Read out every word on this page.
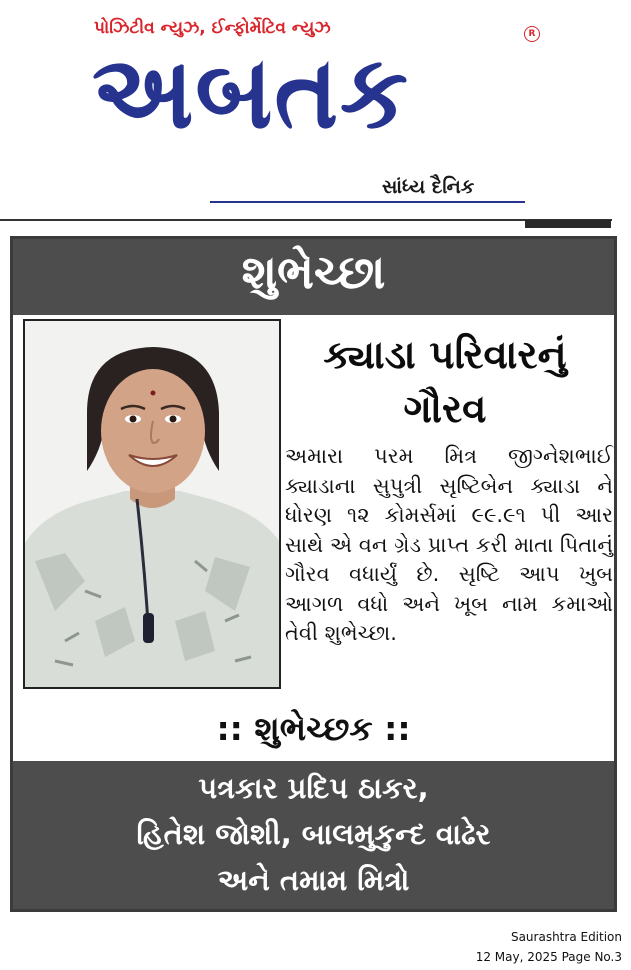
પોઝિટીવ ન્યુઝ, ઈન્ફોર્મેટિવ ન્યુઝ	R
અબતક
સાંધ્ય દૈનિક
શુભેચ્છા
ક્યાડા પરિવારનું
ગૌરવ
અમારા પરમ મિત્ર જીગ્નેશભાઈ ક્યાડાના સુપુત્રી સૃષ્ટિબેન ક્યાડા ને ધોરણ ૧૨ કોમર્સમાં ૯૯.૯૧ પી આર સાથે એ વન ગ્રેડ પ્રાપ્ત કરી માતા પિતાનું ગૌરવ વધાર્યું છે. સૃષ્ટિ આપ ખુબ આગળ વધો અને ખૂબ નામ કમાઓ તેવી શુભેચ્છા.
:: શુભેચ્છક ::
પત્રકાર પ્રદિપ ઠાકર,
હિતેશ જોશી, બાલમુકુન્દ વાઢેર
અને તમામ મિત્રો
Saurashtra Edition
12 May, 2025 Page No.3
